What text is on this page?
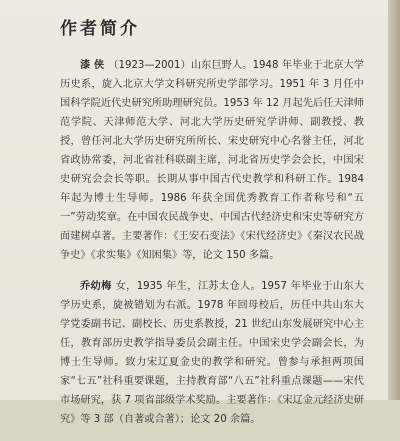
作者简介

漆 侠 （1923—2001）山东巨野人。1948 年毕业于北京大学历史系，旋入北京大学文科研究所史学部学习。1951 年 3 月任中国科学院近代史研究所助理研究员。1953 年 12 月起先后任天津师范学院、天津师范大学、河北大学历史研究学讲师、副教授、教授，曾任河北大学历史研究所所长、宋史研究中心名誉主任，河北省政协常委，河北省社科联副主席，河北省历史学会会长，中国宋史研究会会长等职。长期从事中国古代史教学和科研工作。1984 年起为博士生导师。1986 年获全国优秀教育工作者称号和“五一”劳动奖章。在中国农民战争史、中国古代经济史和宋史等研究方面建树卓著。主要著作：《王安石变法》《宋代经济史》《秦汉农民战争史》《求实集》《知困集》等，论文 150 多篇。

乔幼梅 女，1935 年生，江苏太仓人。1957 年毕业于山东大学历史系，旋被错划为右派。1978 年回母校后，历任中共山东大学党委副书记、副校长、历史系教授，21 世纪山东发展研究中心主任，教育部历史教学指导委员会副主任。中国宋史学会副会长，为博士生导师。致力宋辽夏金史的教学和研究。曾参与承担两项国家“七五”社科重要课题，主持教育部“八五”社科重点课题——宋代市场研究，获 7 项省部级学术奖励。主要著作：《宋辽金元经济史研究》等 3 部（自著或合著）；论文 20 余篇。
